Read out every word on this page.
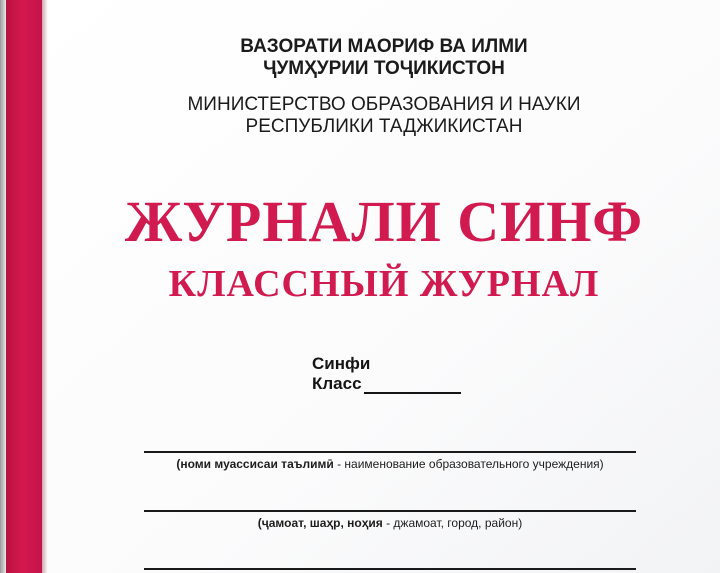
ВАЗОРАТИ МАОРИФ ВА ИЛМИ
ҶУМҲУРИИ ТОҶИКИСТОН
МИНИСТЕРСТВО ОБРАЗОВАНИЯ И НАУКИ
РЕСПУБЛИКИ ТАДЖИКИСТАН
ЖУРНАЛИ СИНФ
КЛАССНЫЙ ЖУРНАЛ
Синфи
Класс
(номи муассисаи таълимӣ - наименование образовательного учреждения)
(ҷамоат, шаҳр, ноҳия - джамоат, город, район)
